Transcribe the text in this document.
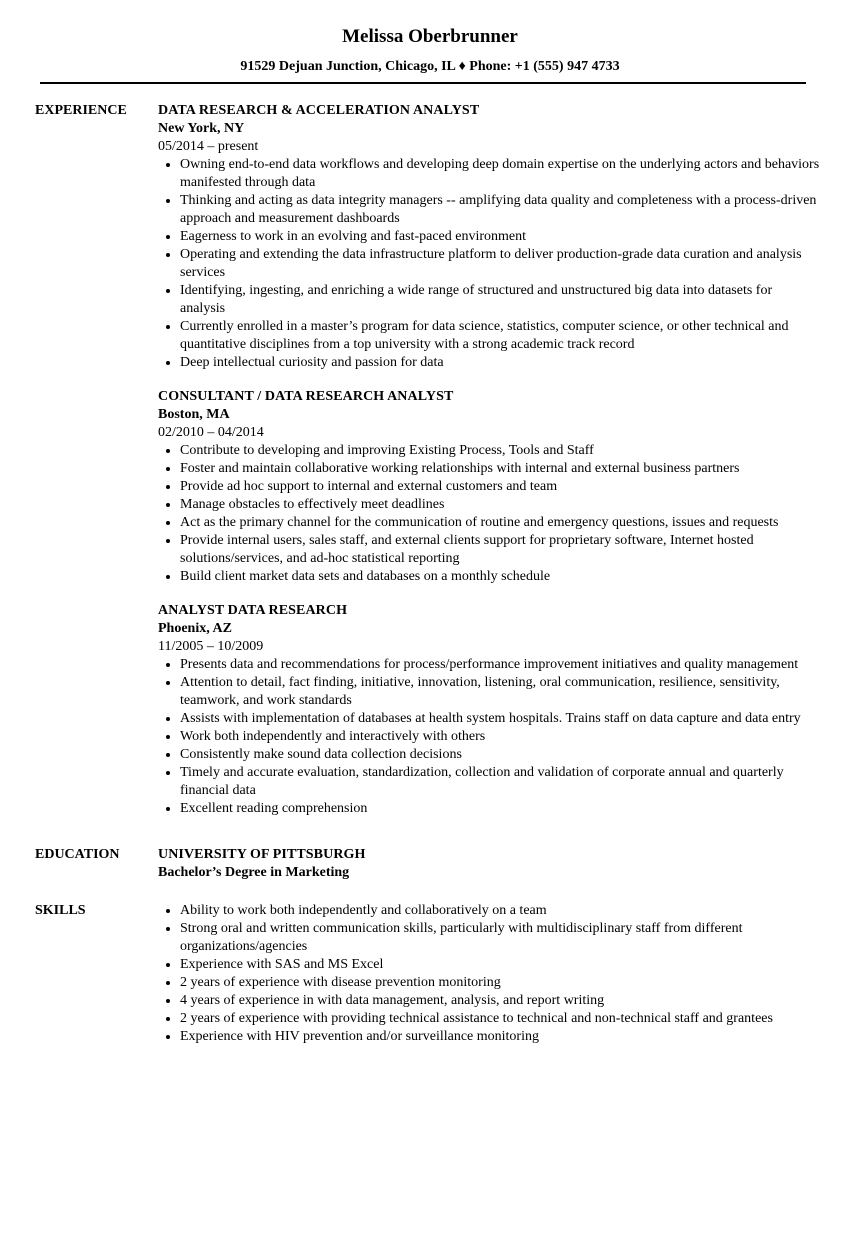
Melissa Oberbrunner
91529 Dejuan Junction, Chicago, IL ♦ Phone: +1 (555) 947 4733
EXPERIENCE	DATA RESEARCH & ACCELERATION ANALYST
New York, NY
05/2014 – present
• Owning end-to-end data workflows and developing deep domain expertise on the underlying actors and behaviors manifested through data
• Thinking and acting as data integrity managers -- amplifying data quality and completeness with a process-driven approach and measurement dashboards
• Eagerness to work in an evolving and fast-paced environment
• Operating and extending the data infrastructure platform to deliver production-grade data curation and analysis services
• Identifying, ingesting, and enriching a wide range of structured and unstructured big data into datasets for analysis
• Currently enrolled in a master’s program for data science, statistics, computer science, or other technical and quantitative disciplines from a top university with a strong academic track record
• Deep intellectual curiosity and passion for data
CONSULTANT / DATA RESEARCH ANALYST
Boston, MA
02/2010 – 04/2014
• Contribute to developing and improving Existing Process, Tools and Staff
• Foster and maintain collaborative working relationships with internal and external business partners
• Provide ad hoc support to internal and external customers and team
• Manage obstacles to effectively meet deadlines
• Act as the primary channel for the communication of routine and emergency questions, issues and requests
• Provide internal users, sales staff, and external clients support for proprietary software, Internet hosted solutions/services, and ad-hoc statistical reporting
• Build client market data sets and databases on a monthly schedule
ANALYST DATA RESEARCH
Phoenix, AZ
11/2005 – 10/2009
• Presents data and recommendations for process/performance improvement initiatives and quality management
• Attention to detail, fact finding, initiative, innovation, listening, oral communication, resilience, sensitivity, teamwork, and work standards
• Assists with implementation of databases at health system hospitals. Trains staff on data capture and data entry
• Work both independently and interactively with others
• Consistently make sound data collection decisions
• Timely and accurate evaluation, standardization, collection and validation of corporate annual and quarterly financial data
• Excellent reading comprehension
EDUCATION	UNIVERSITY OF PITTSBURGH
Bachelor’s Degree in Marketing
SKILLS
•	Ability to work both independently and collaboratively on a team
• Strong oral and written communication skills, particularly with multidisciplinary staff from different organizations/agencies
• Experience with SAS and MS Excel
• 2 years of experience with disease prevention monitoring
• 4 years of experience in with data management, analysis, and report writing
• 2 years of experience with providing technical assistance to technical and non-technical staff and grantees
• Experience with HIV prevention and/or surveillance monitoring
